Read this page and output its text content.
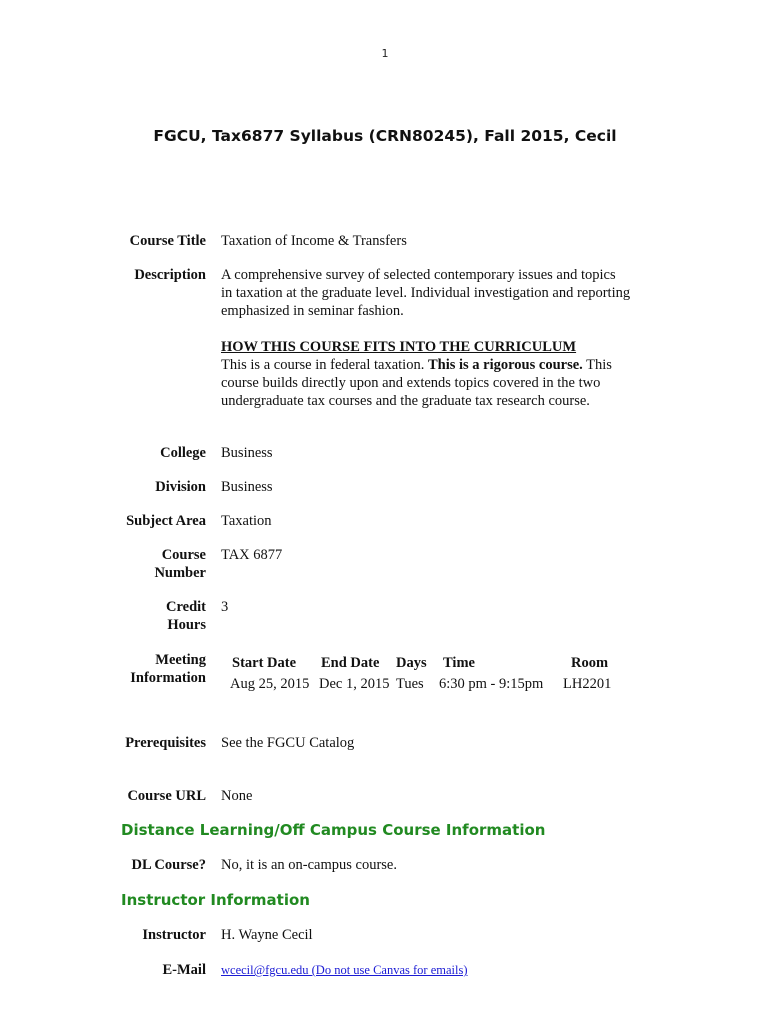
1
FGCU, Tax6877 Syllabus (CRN80245), Fall 2015, Cecil
Course Title Taxation of Income & Transfers
Description A comprehensive survey of selected contemporary issues and topics
in taxation at the graduate level. Individual investigation and reporting
emphasized in seminar fashion.
HOW THIS COURSE FITS INTO THE CURRICULUM
This is a course in federal taxation. This is a rigorous course. This
course builds directly upon and extends topics covered in the two
undergraduate tax courses and the graduate tax research course.
College Business
Division Business
Subject Area Taxation
Course
Number
TAX 6877
Credit
Hours
3
Meeting
Information
Start Date End Date Days Time	Room
Aug 25, 2015 Dec 1, 2015 Tues 6:30 pm - 9:15pm LH2201
Prerequisites See the FGCU Catalog
Course URL None
Distance Learning/Off Campus Course Information
DL Course? No, it is an on-campus course.
Instructor Information
Instructor H. Wayne Cecil
E-Mail wcecil@fgcu.edu (Do not use Canvas for emails)
